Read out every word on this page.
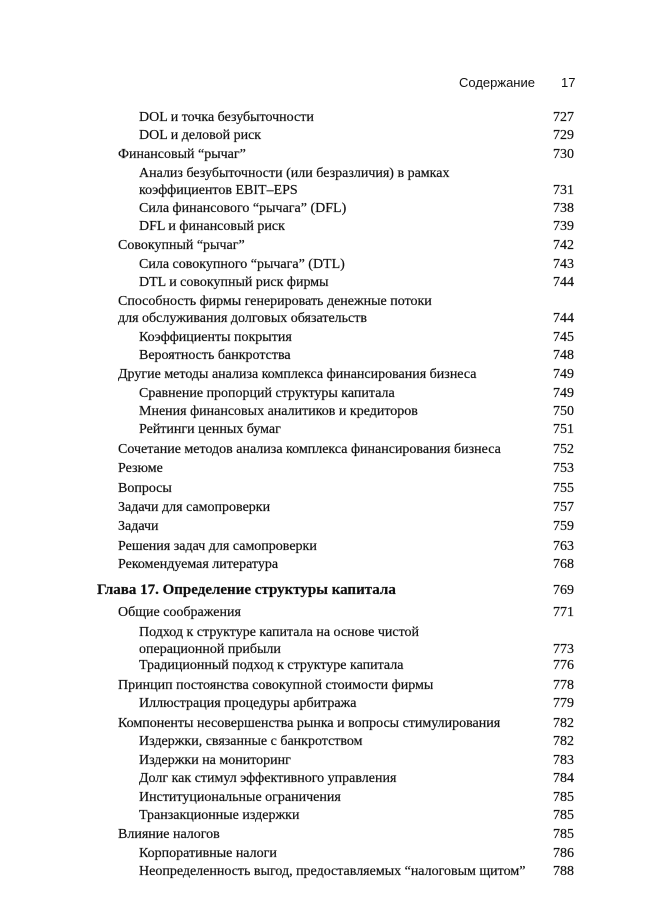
Содержание 17
DOL и точка безубыточности	727
DOL и деловой риск	729
Финансовый “рычаг”	730
Анализ безубыточности (или безразличия) в рамках
коэффициентов EBIT–EPS	731
Сила финансового “рычага” (DFL)	738
DFL и финансовый риск	739
Совокупный “рычаг”	742
Сила совокупного “рычага” (DTL)	743
DTL и совокупный риск фирмы	744
Способность фирмы генерировать денежные потоки
для обслуживания долговых обязательств	744
Коэффициенты покрытия	745
Вероятность банкротства	748
Другие методы анализа комплекса финансирования бизнеса	749
Сравнение пропорций структуры капитала	749
Мнения финансовых аналитиков и кредиторов	750
Рейтинги ценных бумаг	751
Сочетание методов анализа комплекса финансирования бизнеса	752
Резюме	753
Вопросы	755
Задачи для самопроверки	757
Задачи	759
Решения задач для самопроверки	763
Рекомендуемая литература	768
Глава 17. Определение структуры капитала	769
Общие соображения	771
Подход к структуре капитала на основе чистой
операционной прибыли	773
Традиционный подход к структуре капитала	776
Принцип постоянства совокупной стоимости фирмы	778
Иллюстрация процедуры арбитража	779
Компоненты несовершенства рынка и вопросы стимулирования	782
Издержки, связанные с банкротством	782
Издержки на мониторинг	783
Долг как стимул эффективного управления	784
Институциональные ограничения	785
Транзакционные издержки	785
Влияние налогов	785
Корпоративные налоги	786
Неопределенность выгод, предоставляемых “налоговым щитом” 788
